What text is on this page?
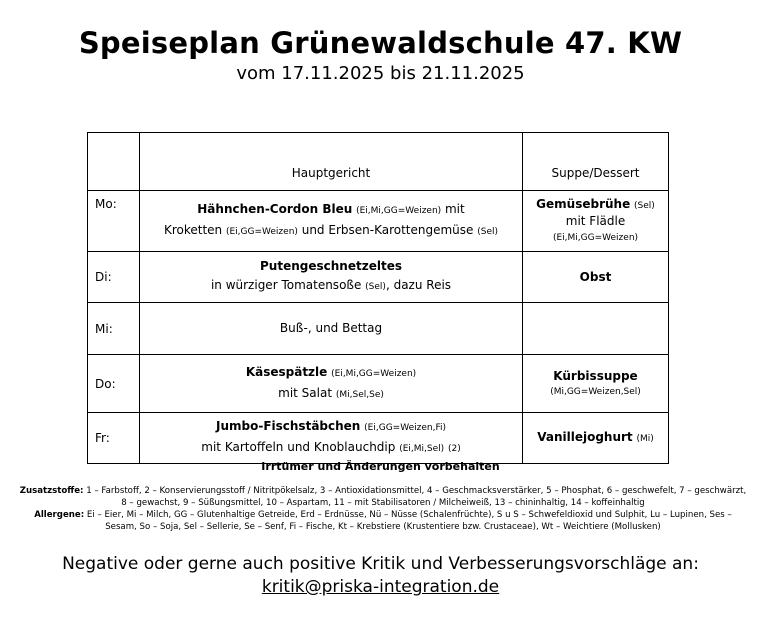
Speiseplan Grünewaldschule 47. KW
vom 17.11.2025 bis 21.11.2025
	Hauptgericht	Suppe/Dessert
Mo:	Hähnchen-Cordon Bleu (Ei,Mi,GG=Weizen) mit
Kroketten (Ei,GG=Weizen) und Erbsen-Karottengemüse (Sel)	Gemüsebrühe (Sel)
mit Flädle
(Ei,Mi,GG=Weizen)
Di:	Putengeschnetzeltes
in würziger Tomatensoße (Sel), dazu Reis	Obst
Mi:	Buß-, und Bettag	
Do:	Käsespätzle (Ei,Mi,GG=Weizen)
mit Salat (Mi,Sel,Se)	Kürbissuppe
(Mi,GG=Weizen,Sel)
Fr:	Jumbo-Fischstäbchen (Ei,GG=Weizen,Fi)
mit Kartoffeln und Knoblauchdip (Ei,Mi,Sel) (2)	Vanillejoghurt (Mi)
Irrtümer und Änderungen vorbehalten
Zusatzstoffe: 1 – Farbstoff, 2 – Konservierungsstoff / Nitritpökelsalz, 3 – Antioxidationsmittel, 4 – Geschmacksverstärker, 5 – Phosphat, 6 – geschwefelt, 7 – geschwärzt, 8 – gewachst, 9 – Süßungsmittel, 10 – Aspartam, 11 – mit Stabilisatoren / Milcheiweiß, 13 – chininhaltig, 14 – koffeinhaltig
Allergene: Ei – Eier, Mi – Milch, GG – Glutenhaltige Getreide, Erd – Erdnüsse, Nü – Nüsse (Schalenfrüchte), S u S – Schwefeldioxid und Sulphit, Lu – Lupinen, Ses – Sesam, So – Soja, Sel – Sellerie, Se – Senf, Fi – Fische, Kt – Krebstiere (Krustentiere bzw. Crustaceae), Wt – Weichtiere (Mollusken)
Negative oder gerne auch positive Kritik und Verbesserungsvorschläge an:
kritik@priska-integration.de
